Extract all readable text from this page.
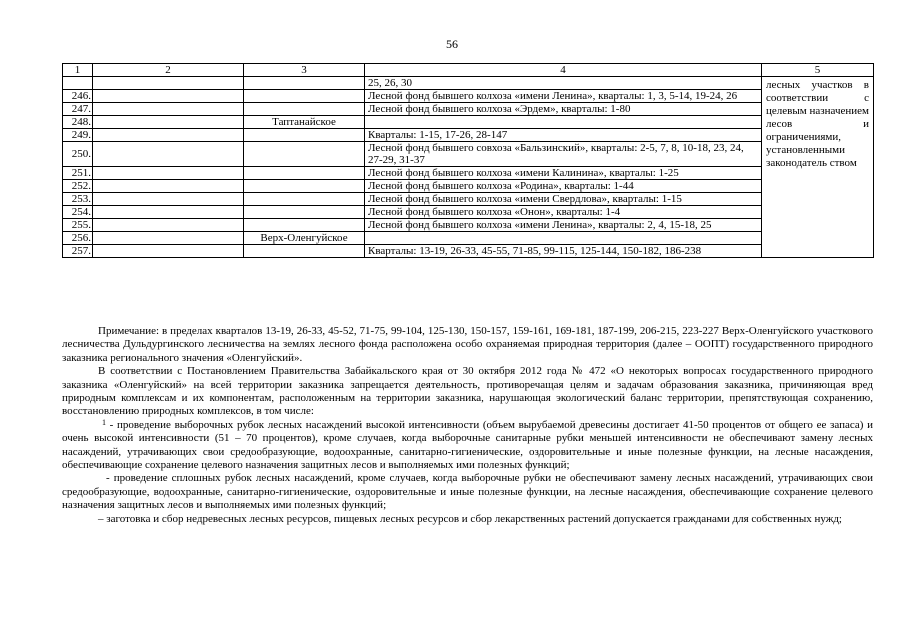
56
1	2	3	4	5
			25, 26, 30	лесных участков в соответствии с целевым назначением лесов и ограничениями, установленными законодатель ством
246.			Лесной фонд бывшего колхоза «имени Ленина», кварталы: 1, 3, 5-14, 19-24, 26	
247.			Лесной фонд бывшего колхоза «Эрдем», кварталы: 1-80	
248.		Таптанайское		
249.			Кварталы: 1-15, 17-26, 28-147	
250.			Лесной фонд бывшего совхоза «Бальзинский», кварталы: 2-5, 7, 8, 10-18, 23, 24, 27-29, 31-37	
251.			Лесной фонд бывшего колхоза «имени Калинина», кварталы: 1-25	
252.			Лесной фонд бывшего колхоза «Родина», кварталы: 1-44	
253.			Лесной фонд бывшего колхоза «имени Свердлова», кварталы: 1-15	
254.			Лесной фонд бывшего колхоза «Онон», кварталы: 1-4	
255.			Лесной фонд бывшего колхоза «имени Ленина», кварталы: 2, 4, 15-18, 25	
256.		Верх-Оленгуйское		
257.			Кварталы: 13-19, 26-33, 45-55, 71-85, 99-115, 125-144, 150-182, 186-238	

Примечание: в пределах кварталов 13-19, 26-33, 45-52, 71-75, 99-104, 125-130, 150-157, 159-161, 169-181, 187-199, 206-215, 223-227 Верх-Оленгуйского участкового лесничества Дульдургинского лесничества на землях лесного фонда расположена особо охраняемая природная территория (далее – ООПТ) государственного природного заказника регионального значения «Оленгуйский».

В соответствии с Постановлением Правительства Забайкальского края от 30 октября 2012 года № 472 «О некоторых вопросах государственного природного заказника «Оленгуйский» на всей территории заказника запрещается деятельность, противоречащая целям и задачам образования заказника, причиняющая вред природным комплексам и их компонентам, расположенным на территории заказника, нарушающая экологический баланс территории, препятствующая сохранению, восстановлению природных комплексов, в том числе:

$^1$ - проведение выборочных рубок лесных насаждений высокой интенсивности (объем вырубаемой древесины достигает 41-50 процентов от общего ее запаса) и очень высокой интенсивности (51 – 70 процентов), кроме случаев, когда выборочные санитарные рубки меньшей интенсивности не обеспечивают замену лесных насаждений, утрачивающих свои средообразующие, водоохранные, санитарно-гигиенические, оздоровительные и иные полезные функции, на лесные насаждения, обеспечивающие сохранение целевого назначения защитных лесов и выполняемых ими полезных функций;

- проведение сплошных рубок лесных насаждений, кроме случаев, когда выборочные рубки не обеспечивают замену лесных насаждений, утрачивающих свои средообразующие, водоохранные, санитарно-гигиенические, оздоровительные и иные полезные функции, на лесные насаждения, обеспечивающие сохранение целевого назначения защитных лесов и выполняемых ими полезных функций;

– заготовка и сбор недревесных лесных ресурсов, пищевых лесных ресурсов и сбор лекарственных растений допускается гражданами для собственных нужд;
